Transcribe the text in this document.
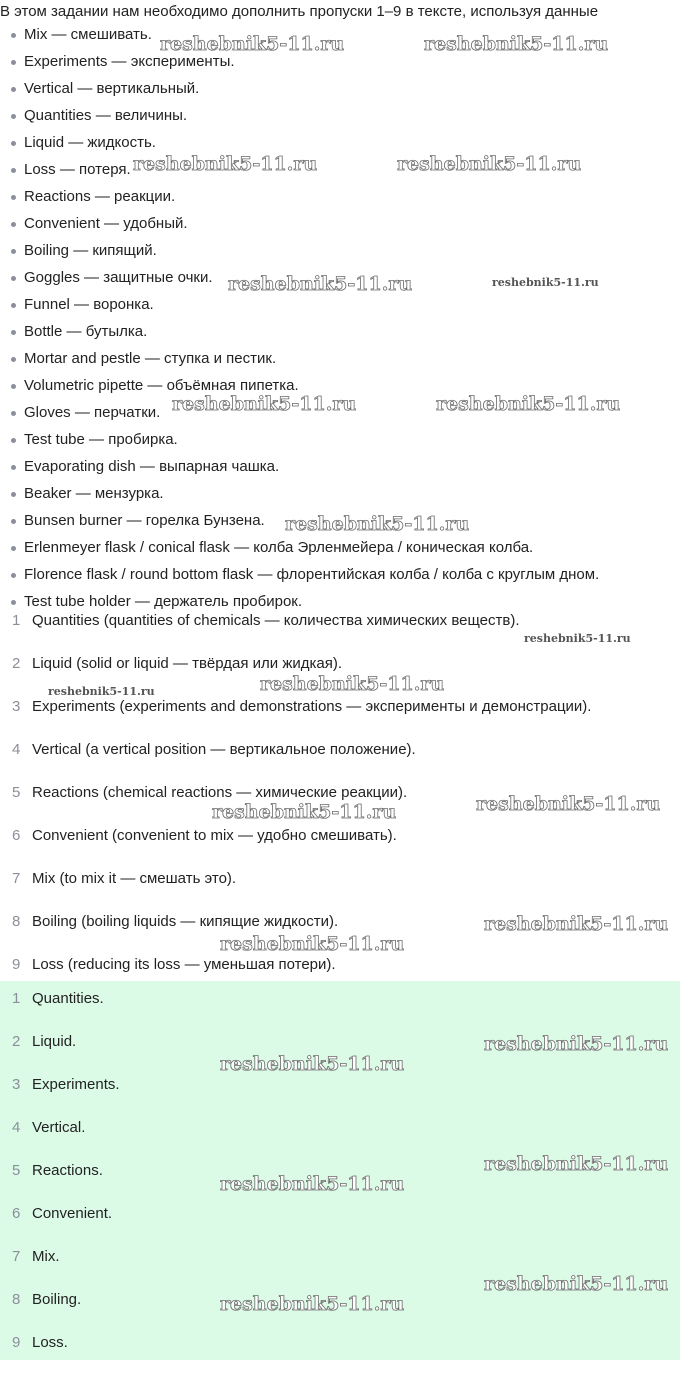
В этом задании нам необходимо дополнить пропуски 1–9 в тексте, используя данные
Mix — смешивать.
Experiments — эксперименты.
Vertical — вертикальный.
Quantities — величины.
Liquid — жидкость.
Loss — потеря.
Reactions — реакции.
Convenient — удобный.
Boiling — кипящий.
Goggles — защитные очки.
Funnel — воронка.
Bottle — бутылка.
Mortar and pestle — ступка и пестик.
Volumetric pipette — объёмная пипетка.
Gloves — перчатки.
Test tube — пробирка.
Evaporating dish — выпарная чашка.
Beaker — мензурка.
Bunsen burner — горелка Бунзена.
Erlenmeyer flask / conical flask — колба Эрленмейера / коническая колба.
Florence flask / round bottom flask — флорентийская колба / колба с круглым дном.
Test tube holder — держатель пробирок.
1 Quantities (quantities of chemicals — количества химических веществ).
2 Liquid (solid or liquid — твёрдая или жидкая).
3 Experiments (experiments and demonstrations — эксперименты и демонстрации).
4 Vertical (a vertical position — вертикальное положение).
5 Reactions (chemical reactions — химические реакции).
6 Convenient (convenient to mix — удобно смешивать).
7 Mix (to mix it — смешать это).
8 Boiling (boiling liquids — кипящие жидкости).
9 Loss (reducing its loss — уменьшая потери).
1 Quantities.
2 Liquid.
3 Experiments.
4 Vertical.
5 Reactions.
6 Convenient.
7 Mix.
8 Boiling.
9 Loss.
reshebnik5-11.ru	reshebnik5-11.ru
reshebnik5-11.ru	reshebnik5-11.ru
reshebnik5-11.ru	reshebnik5-11.ru
reshebnik5-11.ru	reshebnik5-11.ru
reshebnik5-11.ru
reshebnik5-11.ru
reshebnik5-11.ru	reshebnik5-11.ru
reshebnik5-11.ru	reshebnik5-11.ru
reshebnik5-11.ru
reshebnik5-11.ru
reshebnik5-11.ru
reshebnik5-11.ru
reshebnik5-11.ru
reshebnik5-11.ru
reshebnik5-11.ru
reshebnik5-11.ru
